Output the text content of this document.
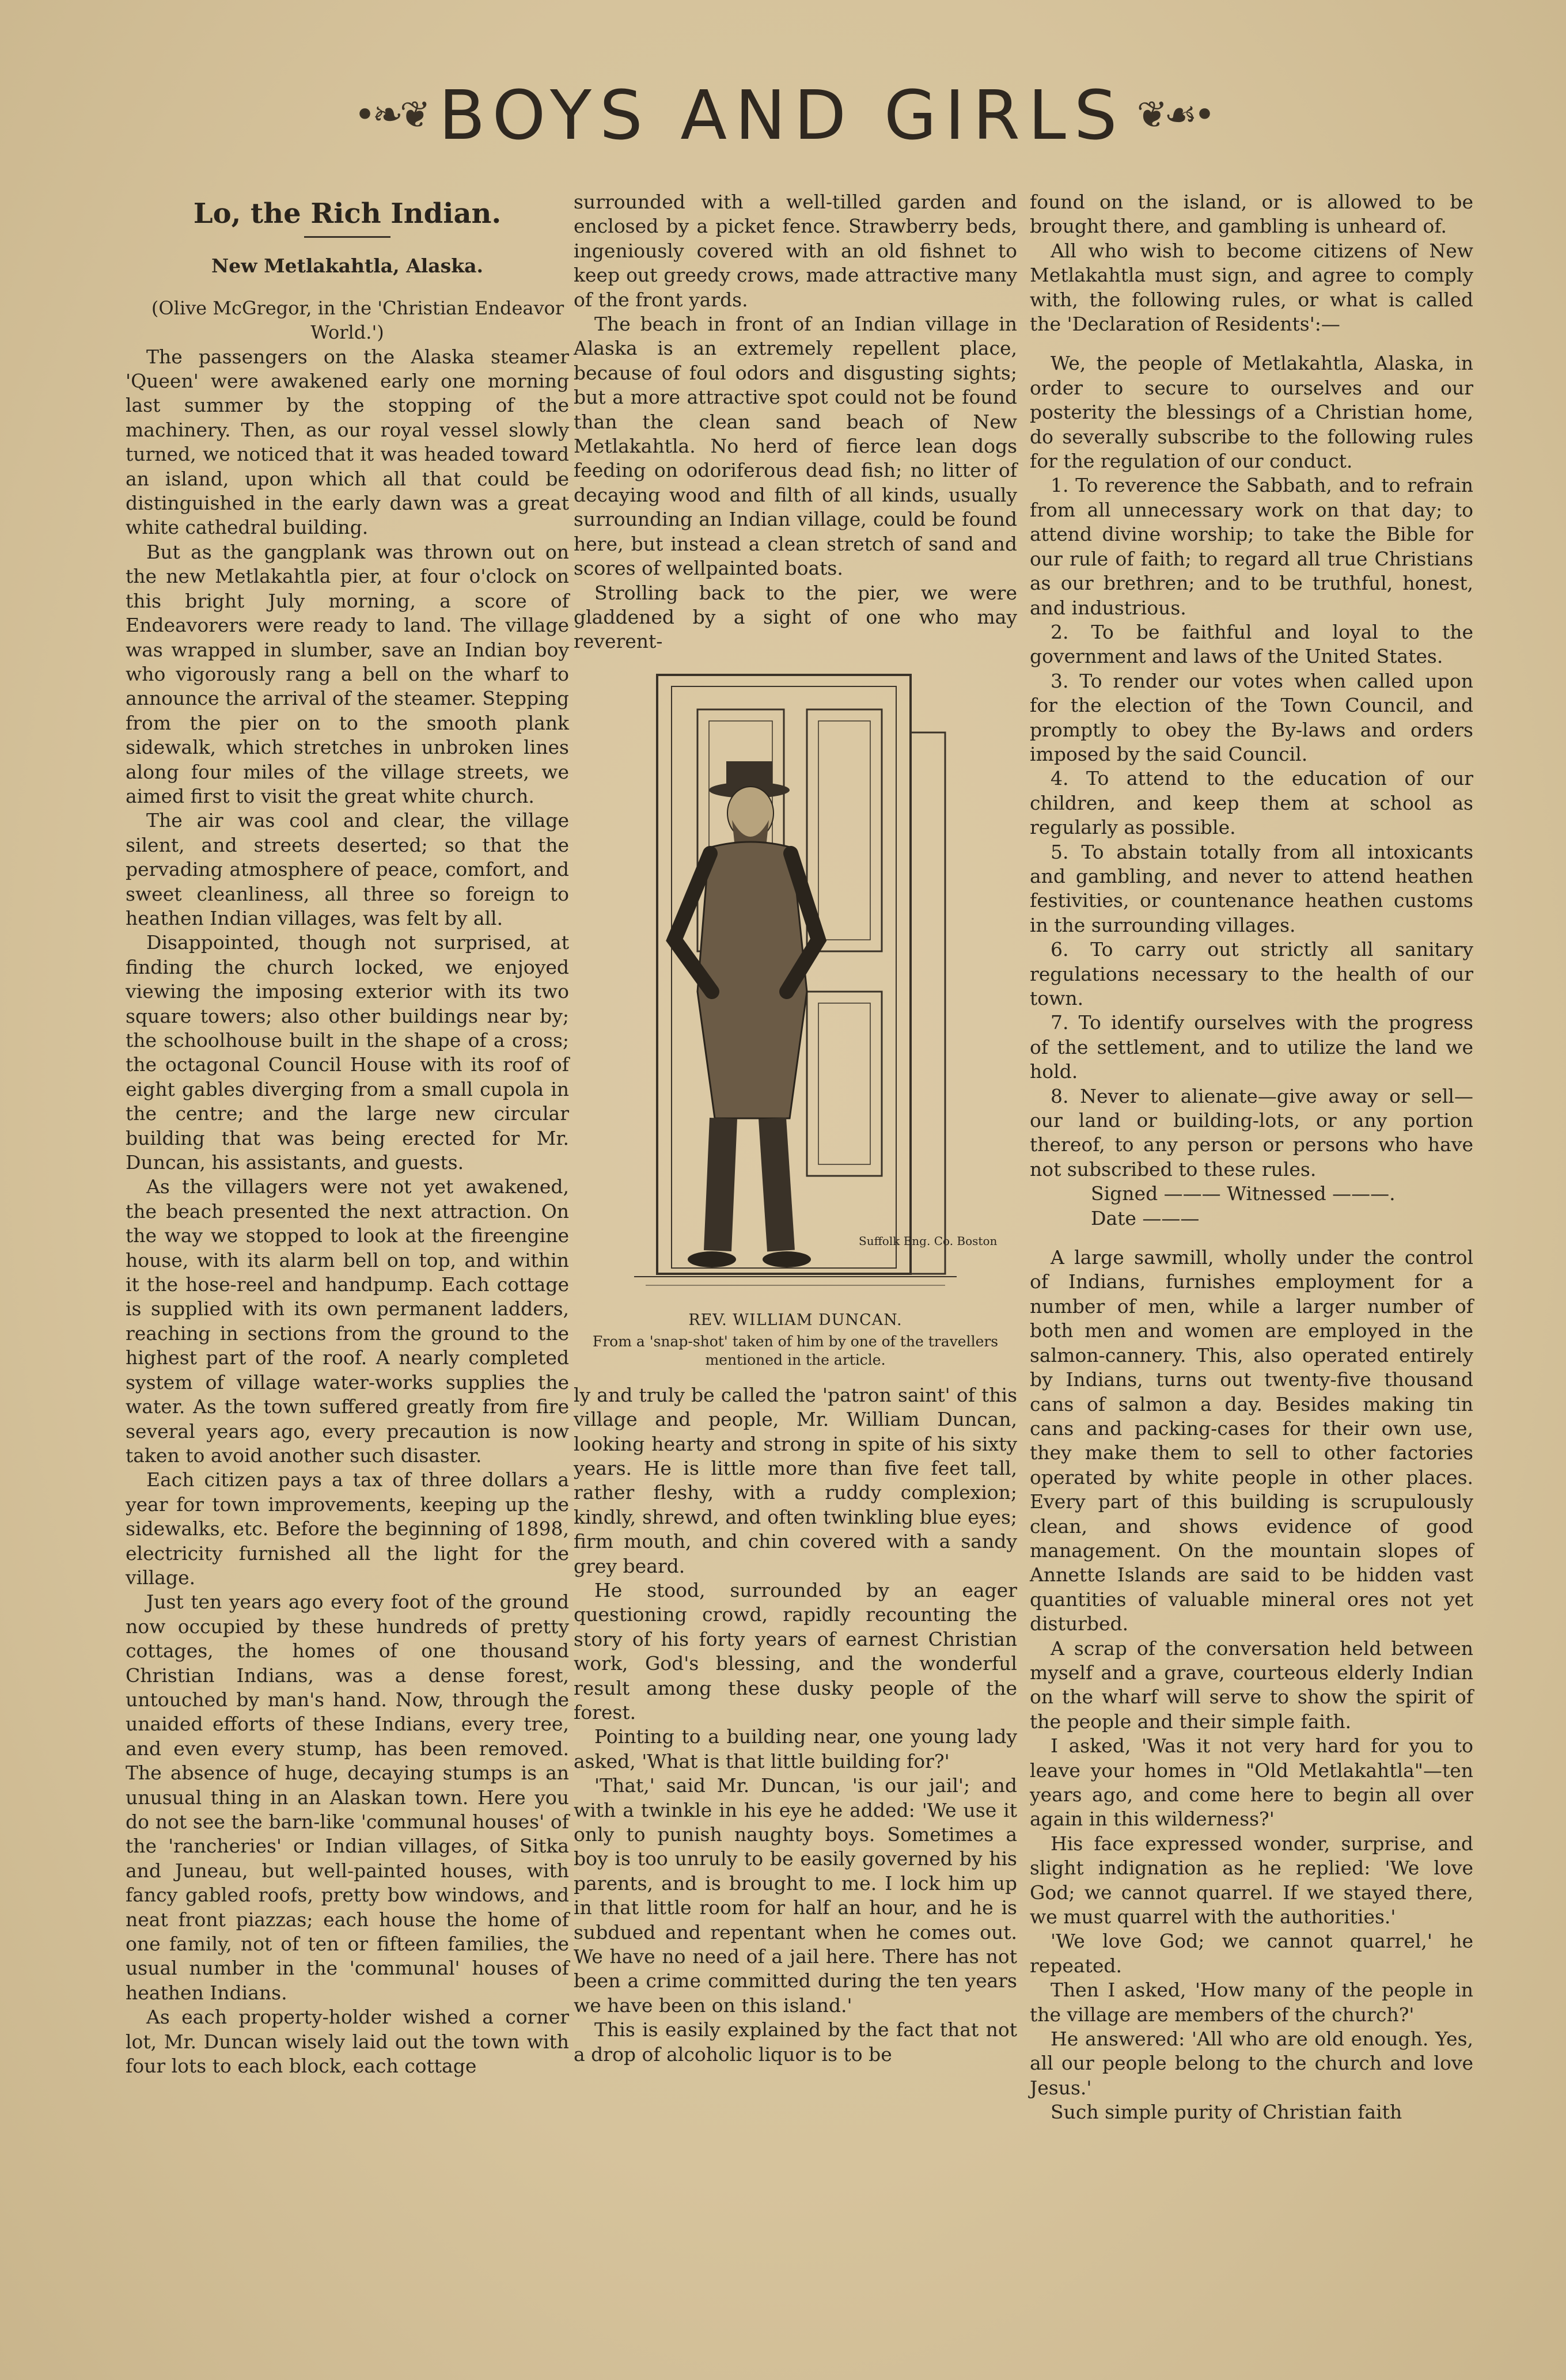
•❧❦ BOYS AND GIRLS ❦☙•
Lo, the Rich Indian.
New Metlakahtla, Alaska.

(Olive McGregor, in the 'Christian Endeavor World.')

The passengers on the Alaska steamer 'Queen' were awakened early one morning last summer by the stopping of the machinery. Then, as our royal vessel slowly turned, we noticed that it was headed toward an island, upon which all that could be distinguished in the early dawn was a great white cathedral building.

But as the gangplank was thrown out on the new Metlakahtla pier, at four o'clock on this bright July morning, a score of Endeavorers were ready to land. The village was wrapped in slumber, save an Indian boy who vigorously rang a bell on the wharf to announce the arrival of the steamer. Stepping from the pier on to the smooth plank sidewalk, which stretches in unbroken lines along four miles of the village streets, we aimed first to visit the great white church.

The air was cool and clear, the village silent, and streets deserted; so that the pervading atmosphere of peace, comfort, and sweet cleanliness, all three so foreign to heathen Indian villages, was felt by all.

Disappointed, though not surprised, at finding the church locked, we enjoyed viewing the imposing exterior with its two square towers; also other buildings near by; the schoolhouse built in the shape of a cross; the octagonal Council House with its roof of eight gables diverging from a small cupola in the centre; and the large new circular building that was being erected for Mr. Duncan, his assistants, and guests.

As the villagers were not yet awakened, the beach presented the next attraction. On the way we stopped to look at the fireengine house, with its alarm bell on top, and within it the hose-reel and handpump. Each cottage is supplied with its own permanent ladders, reaching in sections from the ground to the highest part of the roof. A nearly completed system of village water-works supplies the water. As the town suffered greatly from fire several years ago, every precaution is now taken to avoid another such disaster.

Each citizen pays a tax of three dollars a year for town improvements, keeping up the sidewalks, etc. Before the beginning of 1898, electricity furnished all the light for the village.

Just ten years ago every foot of the ground now occupied by these hundreds of pretty cottages, the homes of one thousand Christian Indians, was a dense forest, untouched by man's hand. Now, through the unaided efforts of these Indians, every tree, and even every stump, has been removed. The absence of huge, decaying stumps is an unusual thing in an Alaskan town. Here you do not see the barn-like 'communal houses' of the 'rancheries' or Indian villages, of Sitka and Juneau, but well-painted houses, with fancy gabled roofs, pretty bow windows, and neat front piazzas; each house the home of one family, not of ten or fifteen families, the usual number in the 'communal' houses of heathen Indians.

As each property-holder wished a corner lot, Mr. Duncan wisely laid out the town with four lots to each block, each cottage

surrounded with a well-tilled garden and enclosed by a picket fence. Strawberry beds, ingeniously covered with an old fishnet to keep out greedy crows, made attractive many of the front yards.

The beach in front of an Indian village in Alaska is an extremely repellent place, because of foul odors and disgusting sights; but a more attractive spot could not be found than the clean sand beach of New Metlakahtla. No herd of fierce lean dogs feeding on odoriferous dead fish; no litter of decaying wood and filth of all kinds, usually surrounding an Indian village, could be found here, but instead a clean stretch of sand and scores of wellpainted boats.

Strolling back to the pier, we were gladdened by a sight of one who may reverent-

Suffolk Eng. Co. Boston
REV. WILLIAM DUNCAN.
From a 'snap-shot' taken of him by one of the travellers mentioned in the article.

ly and truly be called the 'patron saint' of this village and people, Mr. William Duncan, looking hearty and strong in spite of his sixty years. He is little more than five feet tall, rather fleshy, with a ruddy complexion; kindly, shrewd, and often twinkling blue eyes; firm mouth, and chin covered with a sandy grey beard.

He stood, surrounded by an eager questioning crowd, rapidly recounting the story of his forty years of earnest Christian work, God's blessing, and the wonderful result among these dusky people of the forest.

Pointing to a building near, one young lady asked, 'What is that little building for?'

'That,' said Mr. Duncan, 'is our jail'; and with a twinkle in his eye he added: 'We use it only to punish naughty boys. Sometimes a boy is too unruly to be easily governed by his parents, and is brought to me. I lock him up in that little room for half an hour, and he is subdued and repentant when he comes out. We have no need of a jail here. There has not been a crime committed during the ten years we have been on this island.'

This is easily explained by the fact that not a drop of alcoholic liquor is to be

found on the island, or is allowed to be brought there, and gambling is unheard of.

All who wish to become citizens of New Metlakahtla must sign, and agree to comply with, the following rules, or what is called the 'Declaration of Residents':—

We, the people of Metlakahtla, Alaska, in order to secure to ourselves and our posterity the blessings of a Christian home, do severally subscribe to the following rules for the regulation of our conduct.

1. To reverence the Sabbath, and to refrain from all unnecessary work on that day; to attend divine worship; to take the Bible for our rule of faith; to regard all true Christians as our brethren; and to be truthful, honest, and industrious.

2. To be faithful and loyal to the government and laws of the United States.

3. To render our votes when called upon for the election of the Town Council, and promptly to obey the By-laws and orders imposed by the said Council.

4. To attend to the education of our children, and keep them at school as regularly as possible.

5. To abstain totally from all intoxicants and gambling, and never to attend heathen festivities, or countenance heathen customs in the surrounding villages.

6. To carry out strictly all sanitary regulations necessary to the health of our town.

7. To identify ourselves with the progress of the settlement, and to utilize the land we hold.

8. Never to alienate—give away or sell—our land or building-lots, or any portion thereof, to any person or persons who have not subscribed to these rules.

Signed ——— Witnessed ———.

Date ———

A large sawmill, wholly under the control of Indians, furnishes employment for a number of men, while a larger number of both men and women are employed in the salmon-cannery. This, also operated entirely by Indians, turns out twenty-five thousand cans of salmon a day. Besides making tin cans and packing-cases for their own use, they make them to sell to other factories operated by white people in other places. Every part of this building is scrupulously clean, and shows evidence of good management. On the mountain slopes of Annette Islands are said to be hidden vast quantities of valuable mineral ores not yet disturbed.

A scrap of the conversation held between myself and a grave, courteous elderly Indian on the wharf will serve to show the spirit of the people and their simple faith.

I asked, 'Was it not very hard for you to leave your homes in "Old Metlakahtla"—ten years ago, and come here to begin all over again in this wilderness?'

His face expressed wonder, surprise, and slight indignation as he replied: 'We love God; we cannot quarrel. If we stayed there, we must quarrel with the authorities.'

'We love God; we cannot quarrel,' he repeated.

Then I asked, 'How many of the people in the village are members of the church?'

He answered: 'All who are old enough. Yes, all our people belong to the church and love Jesus.'

Such simple purity of Christian faith
